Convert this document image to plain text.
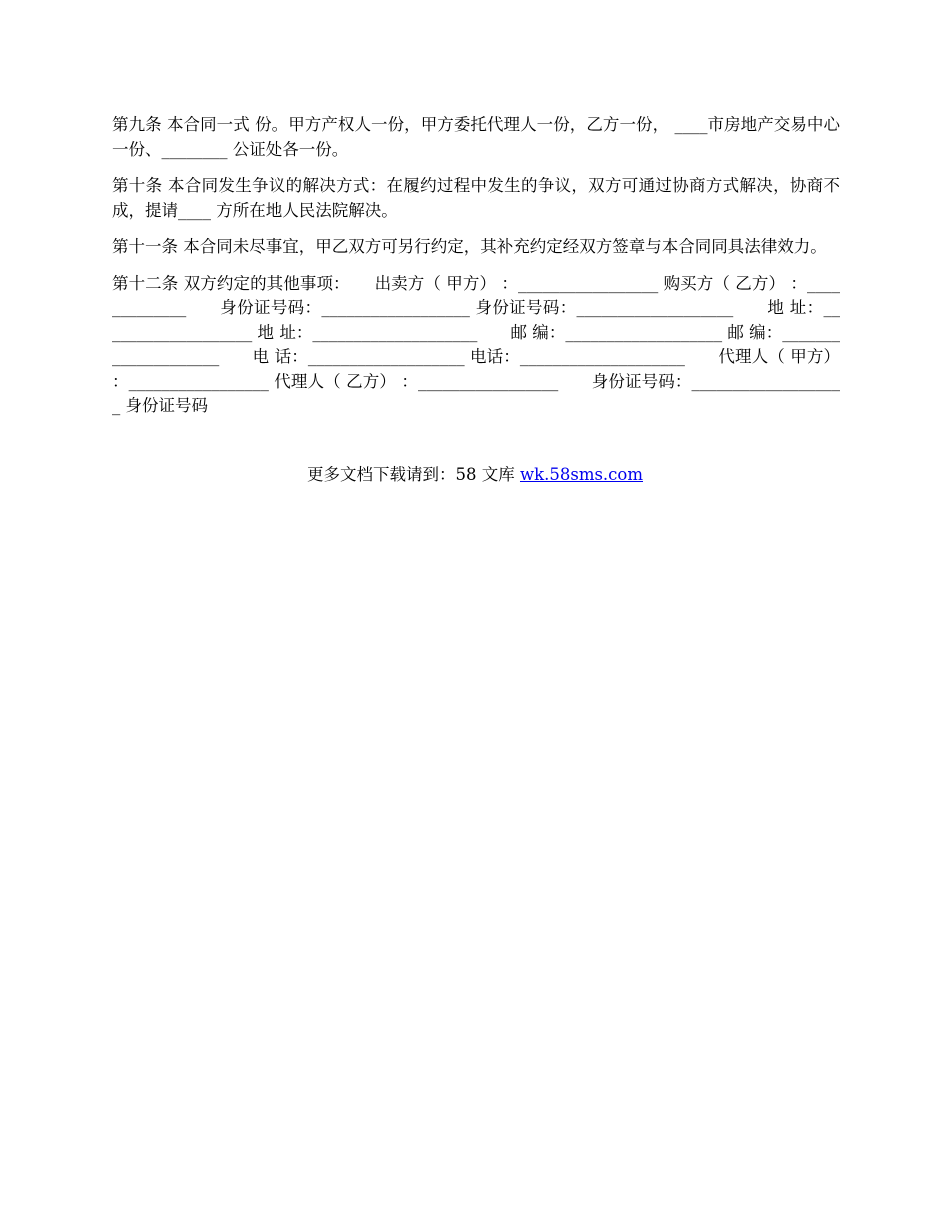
第九条 本合同一式 份。甲方产权人一份，甲方委托代理人一份，乙方一份， ____市房地产交易中心一份、________ 公证处各一份。

第十条 本合同发生争议的解决方式：在履约过程中发生的争议，双方可通过协商方式解决，协商不成，提请____ 方所在地人民法院解决。

第十一条 本合同未尽事宜，甲乙双方可另行约定，其补充约定经双方签章与本合同同具法律效力。

第十二条 双方约定的其他事项：　　出卖方（ 甲方） ：_________________ 购买方（ 乙方） ：_____________　　身份证号码：__________________ 身份证号码：___________________　　地 址：___________________ 地 址：____________________　　邮 编：___________________ 邮 编：____________________　　电 话：___________________ 电话：____________________　　代理人（ 甲方） ：_________________ 代理人（ 乙方） ：_________________　　身份证号码：___________________ 身份证号码

更多文档下载请到：58 文库 wk.58sms.com
